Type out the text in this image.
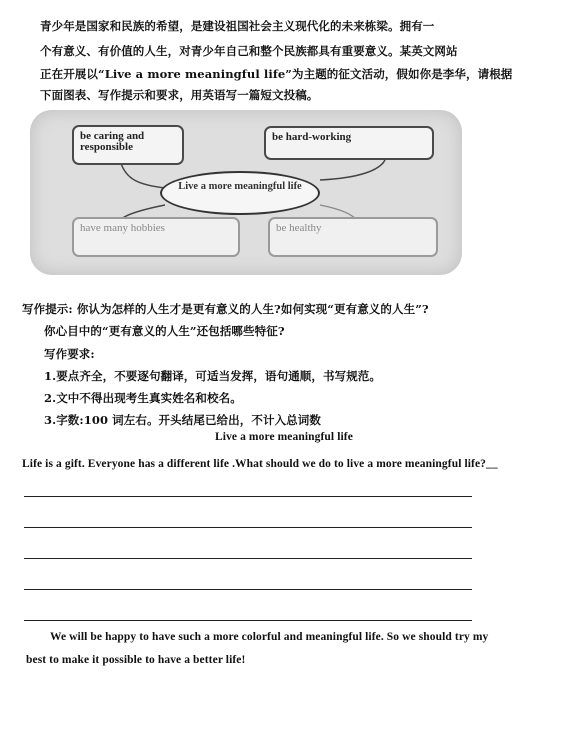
青少年是国家和民族的希望，是建设祖国社会主义现代化的未来栋梁。拥有一
个有意义、有价值的人生，对青少年自己和整个民族都具有重要意义。某英文网站
正在开展以“Live a more meaningful life”为主题的征文活动，假如你是李华，请根据
下面图表、写作提示和要求，用英语写一篇短文投稿。
be caring and responsible
be hard-working
Live a more meaningful life
have many hobbies	be healthy
写作提示: 你认为怎样的人生才是更有意义的人生?如何实现“更有意义的人生”?
你心目中的“更有意义的人生”还包括哪些特征?
写作要求:
1.要点齐全，不要逐句翻译，可适当发挥，语句通顺，书写规范。
2.文中不得出现考生真实姓名和校名。
3.字数:100 词左右。开头结尾已给出，不计入总词数
Live a more meaningful life
Life is a gift. Everyone has a different life .What should we do to live a more meaningful life?__
We will be happy to have such a more colorful and meaningful life. So we should try my
best to make it possible to have a better life!
